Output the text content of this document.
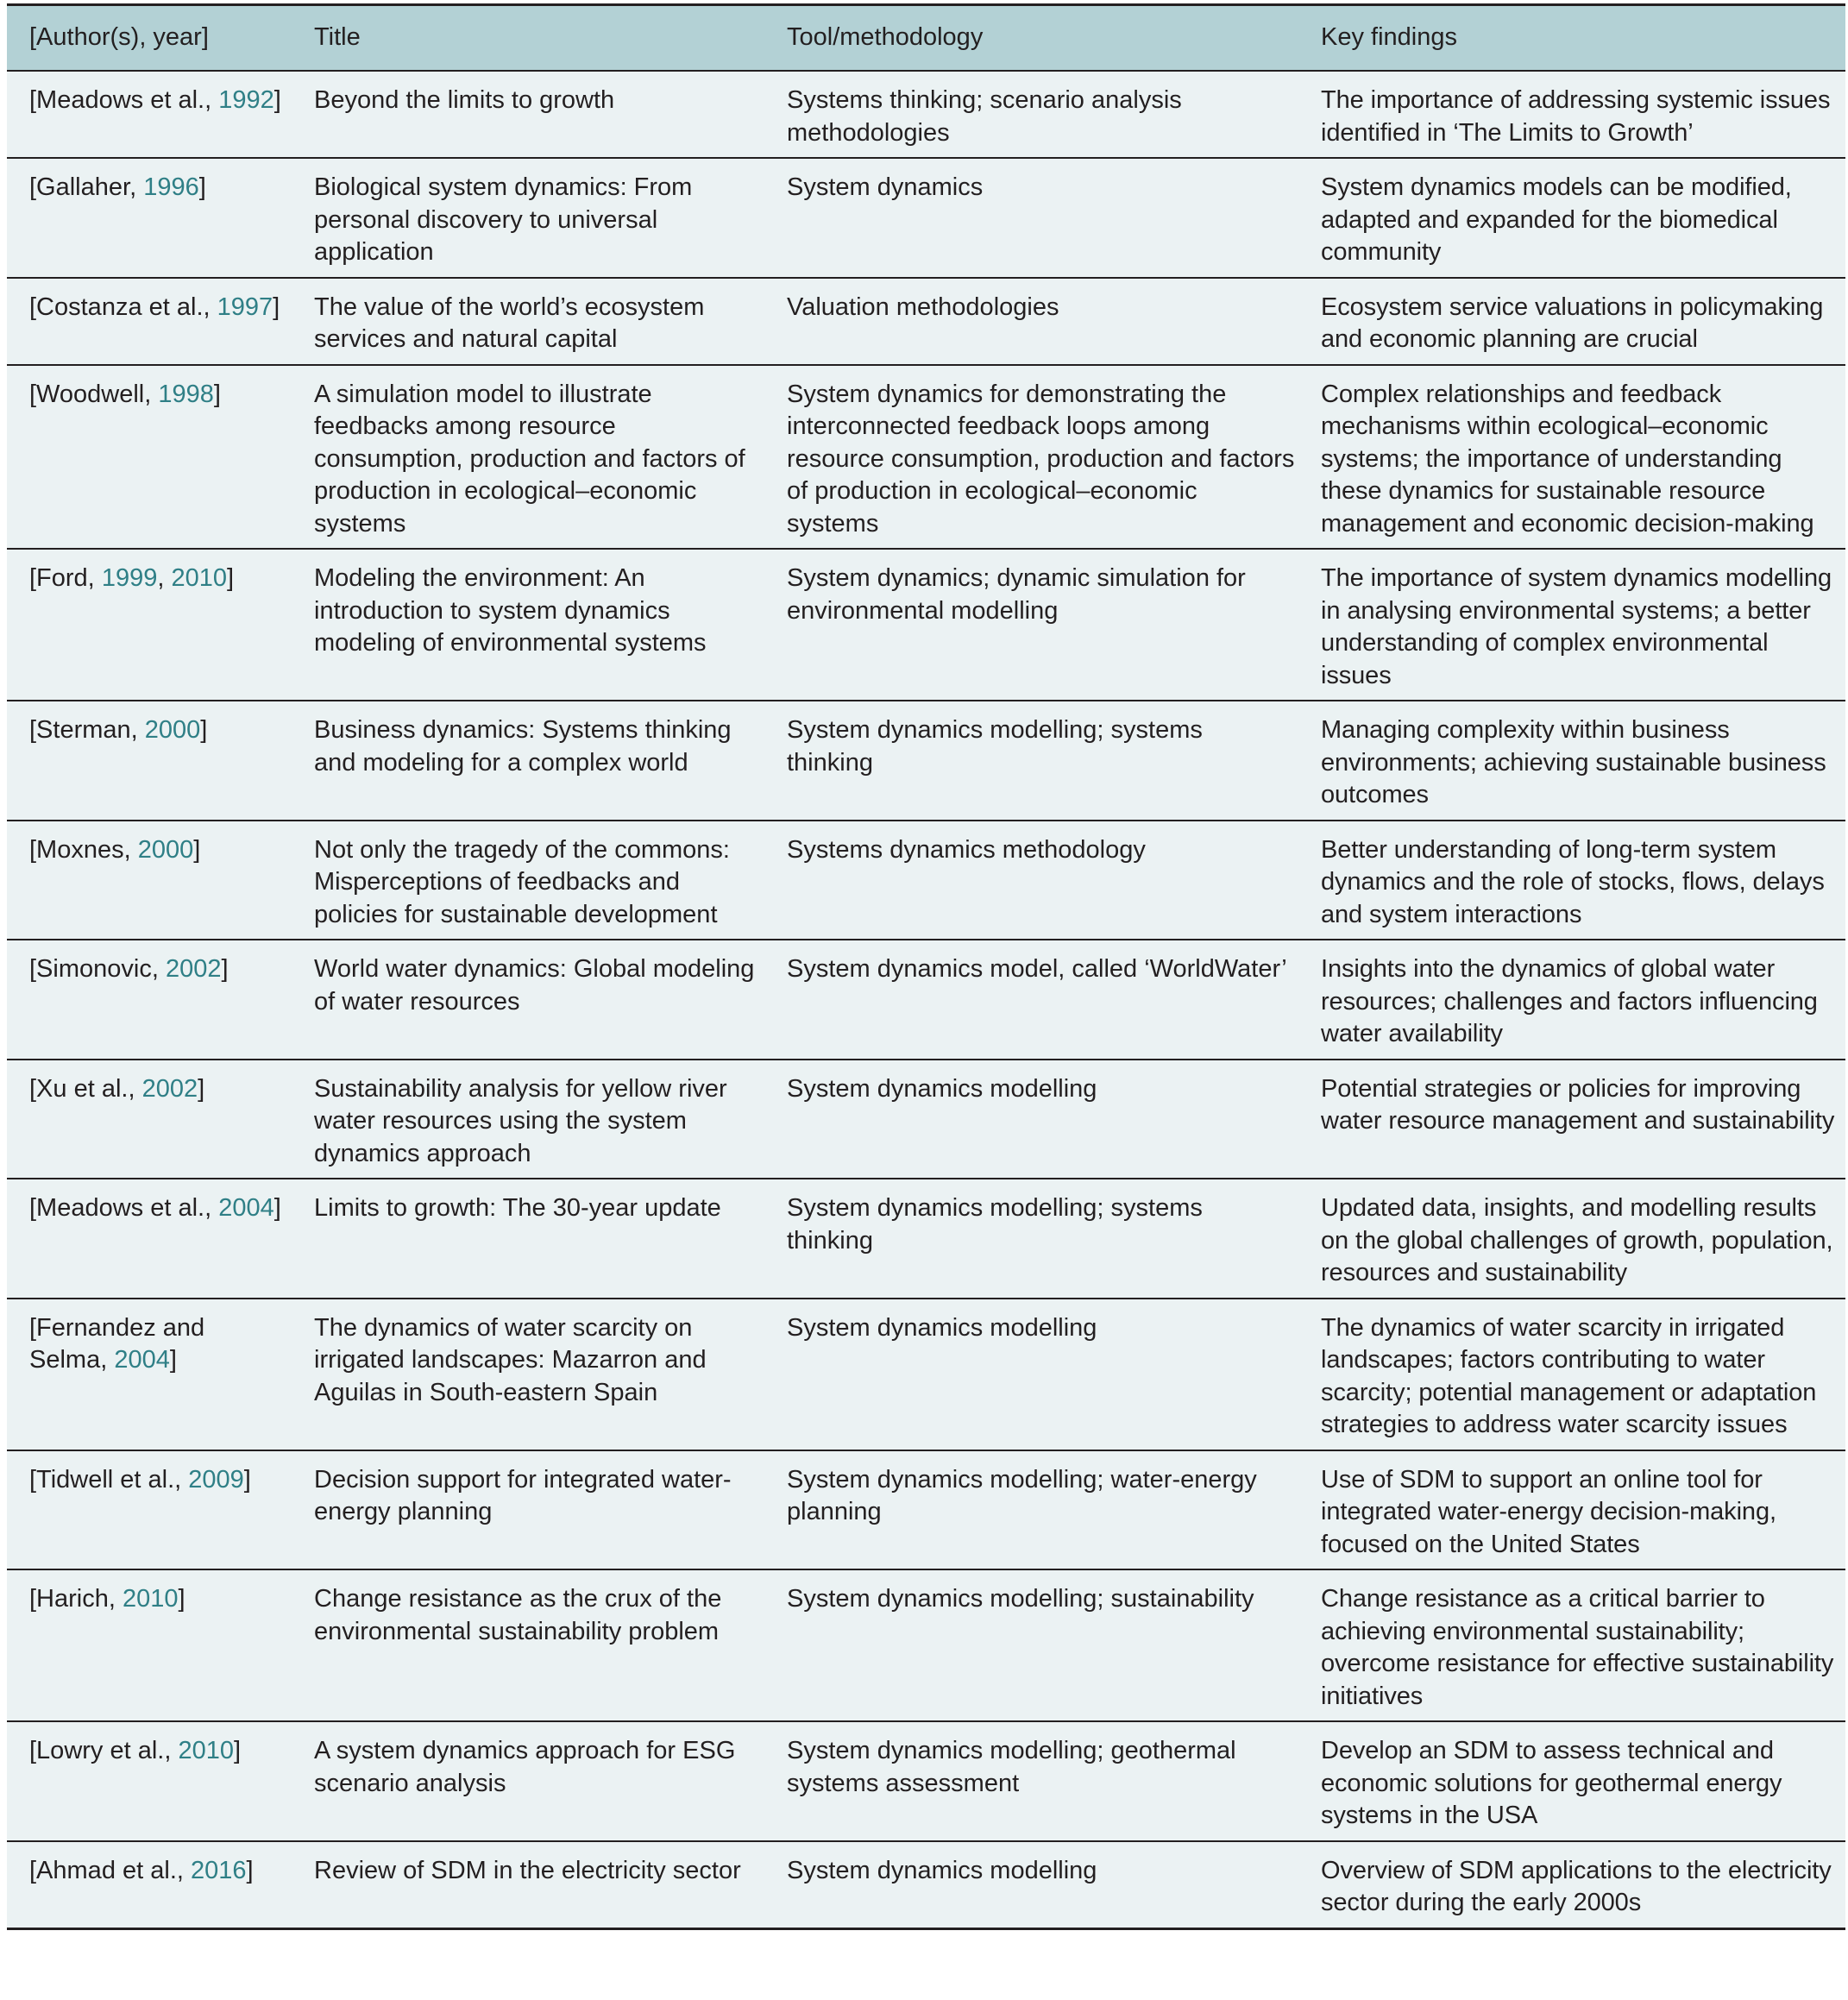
[Author(s), year]	Title	Tool/methodology	Key findings
[Meadows et al., 1992]	Beyond the limits to growth	Systems thinking; scenario analysis methodologies	The importance of addressing systemic issues identified in ‘The Limits to Growth’
[Gallaher, 1996]	Biological system dynamics: From personal discovery to universal application	System dynamics	System dynamics models can be modified, adapted and expanded for the biomedical community
[Costanza et al., 1997]	The value of the world’s ecosystem services and natural capital	Valuation methodologies	Ecosystem service valuations in policymaking and economic planning are crucial
[Woodwell, 1998]	A simulation model to illustrate feedbacks among resource consumption, production and factors of production in ecological–economic systems	System dynamics for demonstrating the interconnected feedback loops among resource consumption, production and factors of production in ecological–economic systems	Complex relationships and feedback mechanisms within ecological–economic systems; the importance of understanding these dynamics for sustainable resource management and economic decision-making
[Ford, 1999, 2010]	Modeling the environment: An introduction to system dynamics modeling of environmental systems	System dynamics; dynamic simulation for environmental modelling	The importance of system dynamics modelling in analysing environmental systems; a better understanding of complex environmental issues
[Sterman, 2000]	Business dynamics: Systems thinking and modeling for a complex world	System dynamics modelling; systems thinking	Managing complexity within business environments; achieving sustainable business outcomes
[Moxnes, 2000]	Not only the tragedy of the commons: Misperceptions of feedbacks and policies for sustainable development	Systems dynamics methodology	Better understanding of long-term system dynamics and the role of stocks, flows, delays and system interactions
[Simonovic, 2002]	World water dynamics: Global modeling of water resources	System dynamics model, called ‘WorldWater’	Insights into the dynamics of global water resources; challenges and factors influencing water availability
[Xu et al., 2002]	Sustainability analysis for yellow river water resources using the system dynamics approach	System dynamics modelling	Potential strategies or policies for improving water resource management and sustainability
[Meadows et al., 2004]	Limits to growth: The 30-year update	System dynamics modelling; systems thinking	Updated data, insights, and modelling results on the global challenges of growth, population, resources and sustainability
[Fernandez and Selma, 2004]	The dynamics of water scarcity on irrigated landscapes: Mazarron and Aguilas in South-eastern Spain	System dynamics modelling	The dynamics of water scarcity in irrigated landscapes; factors contributing to water scarcity; potential management or adaptation strategies to address water scarcity issues
[Tidwell et al., 2009]	Decision support for integrated water-energy planning	System dynamics modelling; water-energy planning	Use of SDM to support an online tool for integrated water-energy decision-making, focused on the United States
[Harich, 2010]	Change resistance as the crux of the environmental sustainability problem	System dynamics modelling; sustainability	Change resistance as a critical barrier to achieving environmental sustainability; overcome resistance for effective sustainability initiatives
[Lowry et al., 2010]	A system dynamics approach for ESG scenario analysis	System dynamics modelling; geothermal systems assessment	Develop an SDM to assess technical and economic solutions for geothermal energy systems in the USA
[Ahmad et al., 2016]	Review of SDM in the electricity sector	System dynamics modelling	Overview of SDM applications to the electricity sector during the early 2000s
